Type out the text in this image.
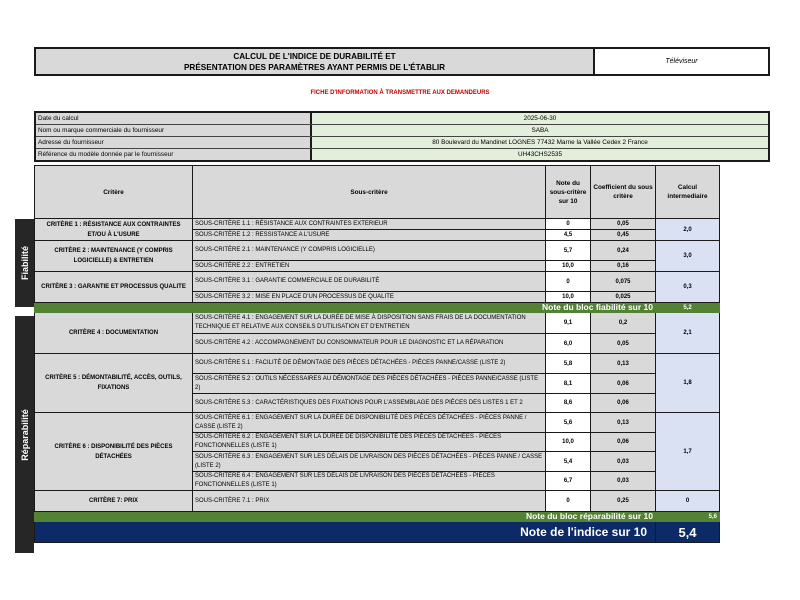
CALCUL DE L'INDICE DE DURABILITÉ ET
PRÉSENTATION DES PARAMÈTRES AYANT PERMIS DE L'ÉTABLIR
Téléviseur
FICHE D'INFORMATION À TRANSMETTRE AUX DEMANDEURS
Date du calcul	2025-06-30
Nom ou marque commerciale du fournisseur	SABA
Adresse du fournisseur	80 Boulevard du Mandinet LOGNES 77432 Marne la Vallée Cedex 2 France
Référence du modèle donnée par le fournisseur	UH43CHS2535
Fiabilité
Réparabilité
Critère	Sous-critère	Note du sous-critère sur 10	Coefficient du sous critère	Calcul intermediaire
CRITÈRE 1 : RÉSISTANCE AUX CONTRAINTES ET/OU À L'USURE	SOUS-CRITÈRE 1.1 : RÉSISTANCE AUX CONTRAINTES EXTERIEUR	0	0,05	2,0
	SOUS-CRITÈRE 1.2 : RESSISTANCE A L'USURE	4,5	0,45	
CRITÈRE 2 : MAINTENANCE (Y COMPRIS LOGICIELLE) & ENTRETIEN	SOUS-CRITÈRE 2.1 : MAINTENANCE (Y COMPRIS LOGICIELLE)	5,7	0,24	3,0
	SOUS-CRITÈRE 2.2 : ENTRETIEN	10,0	0,16	
CRITÈRE 3 : GARANTIE ET PROCESSUS QUALITE	SOUS-CRITÈRE 3.1 : GARANTIE COMMERCIALE DE DURABILITÉ	0	0,075	0,3
	SOUS-CRITÈRE 3.2 : MISE EN PLACE D'UN PROCESSUS DE QUALITE	10,0	0,025	
Note du bloc fiabilité sur 10				5,2
CRITÈRE 4 : DOCUMENTATION	SOUS-CRITÈRE 4.1 : ENGAGEMENT SUR LA DURÉE DE MISE À DISPOSITION SANS FRAIS DE LA DOCUMENTATION TECHNIQUE ET RELATIVE AUX CONSEILS D'UTILISATION ET D'ENTRETIEN	9,1	0,2	2,1
	SOUS-CRITÈRE 4.2 : ACCOMPAGNEMENT DU CONSOMMATEUR POUR LE DIAGNOSTIC ET LA RÉPARATION	6,0	0,05	
CRITÈRE 5 : DÉMONTABILITÉ, ACCÈS, OUTILS, FIXATIONS	SOUS-CRITÈRE 5.1 : FACILITÉ DE DÉMONTAGE DES PIÈCES DÉTACHÉES - PIÈCES PANNE/CASSE (LISTE 2)	5,8	0,13	1,8
	SOUS-CRITÈRE 5.2 : OUTILS NÉCESSAIRES AU DÉMONTAGE DES PIÈCES DÉTACHÉES - PIÈCES PANNE/CASSE (LISTE 2)	8,1	0,06	
	SOUS-CRITÈRE 5.3 : CARACTÉRISTIQUES DES FIXATIONS POUR L'ASSEMBLAGE DES PIÈCES DES LISTES 1 ET 2	8,6	0,06	
CRITÈRE 6 : DISPONIBILITÉ DES PIÈCES DÉTACHÉES	SOUS-CRITÈRE 6.1 : ENGAGEMENT SUR LA DURÉE DE DISPONIBILITÉ DES PIÈCES DÉTACHÉES - PIÈCES PANNE / CASSE (LISTE 2)	5,6	0,13	1,7
	SOUS-CRITÈRE 6.2 : ENGAGEMENT SUR LA DURÉE DE DISPONIBILITÉ DES PIÈCES DÉTACHÉES - PIÈCES FONCTIONNELLES (LISTE 1)	10,0	0,06	
	SOUS-CRITÈRE 6.3 : ENGAGEMENT SUR LES DÉLAIS DE LIVRAISON DES PIÈCES DÉTACHÉES - PIÈCES PANNE / CASSE (LISTE 2)	5,4	0,03	
	SOUS-CRITÈRE 6.4 : ENGAGEMENT SUR LES DÉLAIS DE LIVRAISON DES PIÈCES DÉTACHÉES - PIÈCES FONCTIONNELLES (LISTE 1)	6,7	0,03	
CRITÈRE 7: PRIX	SOUS-CRITÈRE 7.1 : PRIX	0	0,25	0
Note du bloc réparabilité sur 10				5,6
Note de l'indice sur 10				5,4
